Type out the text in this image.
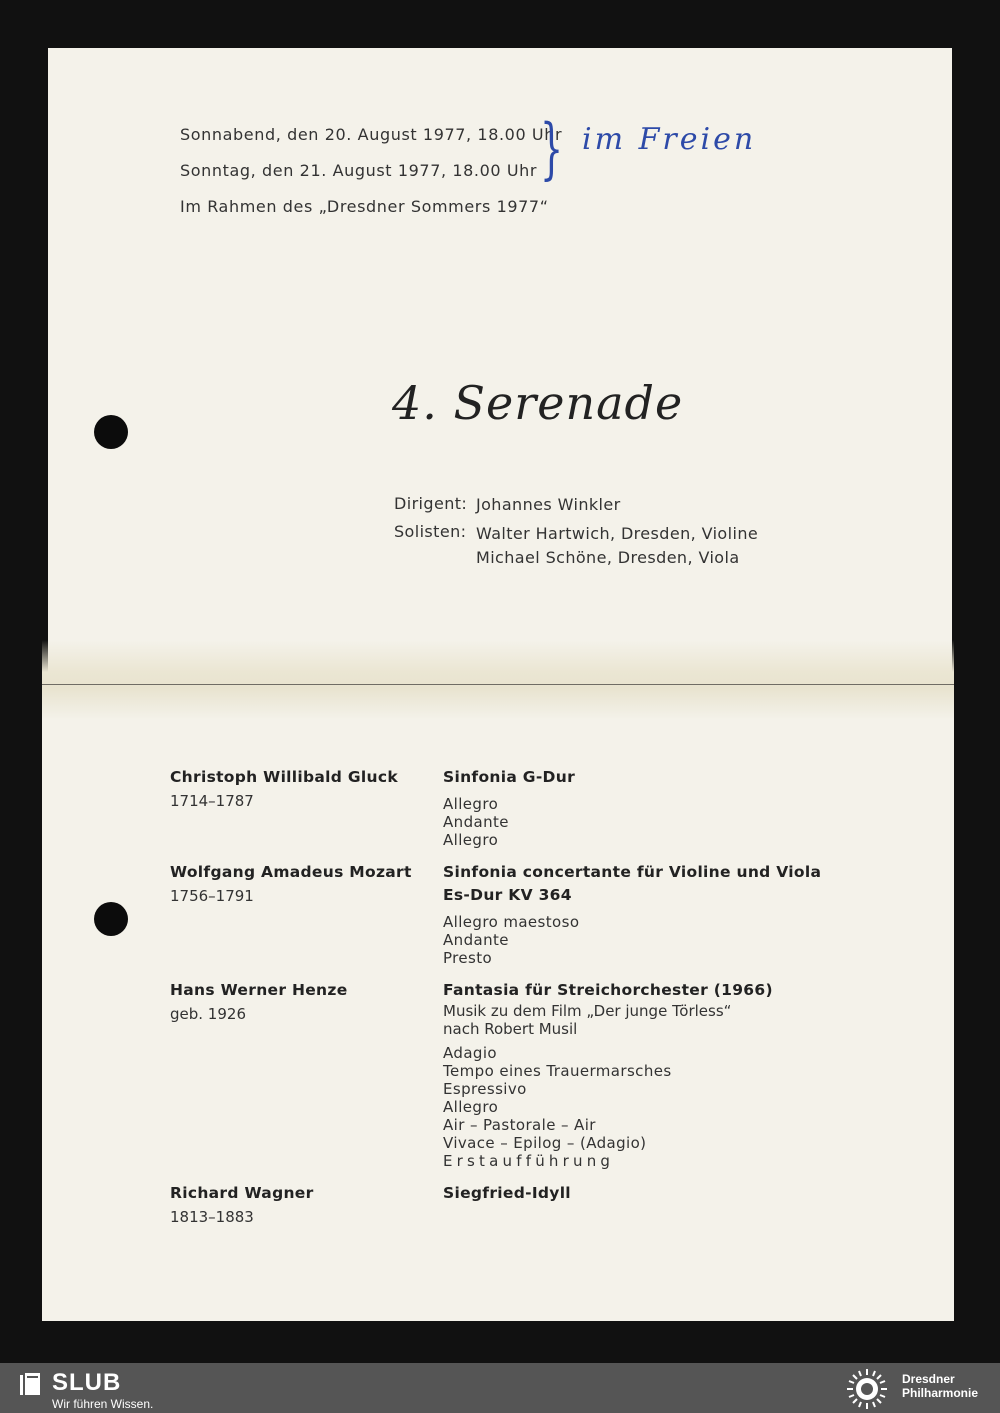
Sonnabend, den 20. August 1977, 18.00 Uhr
Sonntag, den 21. August 1977, 18.00 Uhr
Im Rahmen des „Dresdner Sommers 1977“
} im Freien
4. Serenade
Dirigent: Johannes Winkler
Solisten: Walter Hartwich, Dresden, Violine
Michael Schöne, Dresden, Viola
Christoph Willibald Gluck
1714–1787
Sinfonia G-Dur
Allegro
Andante
Allegro
Wolfgang Amadeus Mozart
1756–1791
Sinfonia concertante für Violine und Viola
Es-Dur KV 364
Allegro maestoso
Andante
Presto
Hans Werner Henze
geb. 1926
Fantasia für Streichorchester (1966)
Musik zu dem Film „Der junge Törless“
nach Robert Musil
Adagio
Tempo eines Trauermarsches
Espressivo
Allegro
Air – Pastorale – Air
Vivace – Epilog – (Adagio)
Erstaufführung
Richard Wagner
1813–1883
Siegfried-Idyll
SLUB
Wir führen Wissen.
Dresdner
Philharmonie
